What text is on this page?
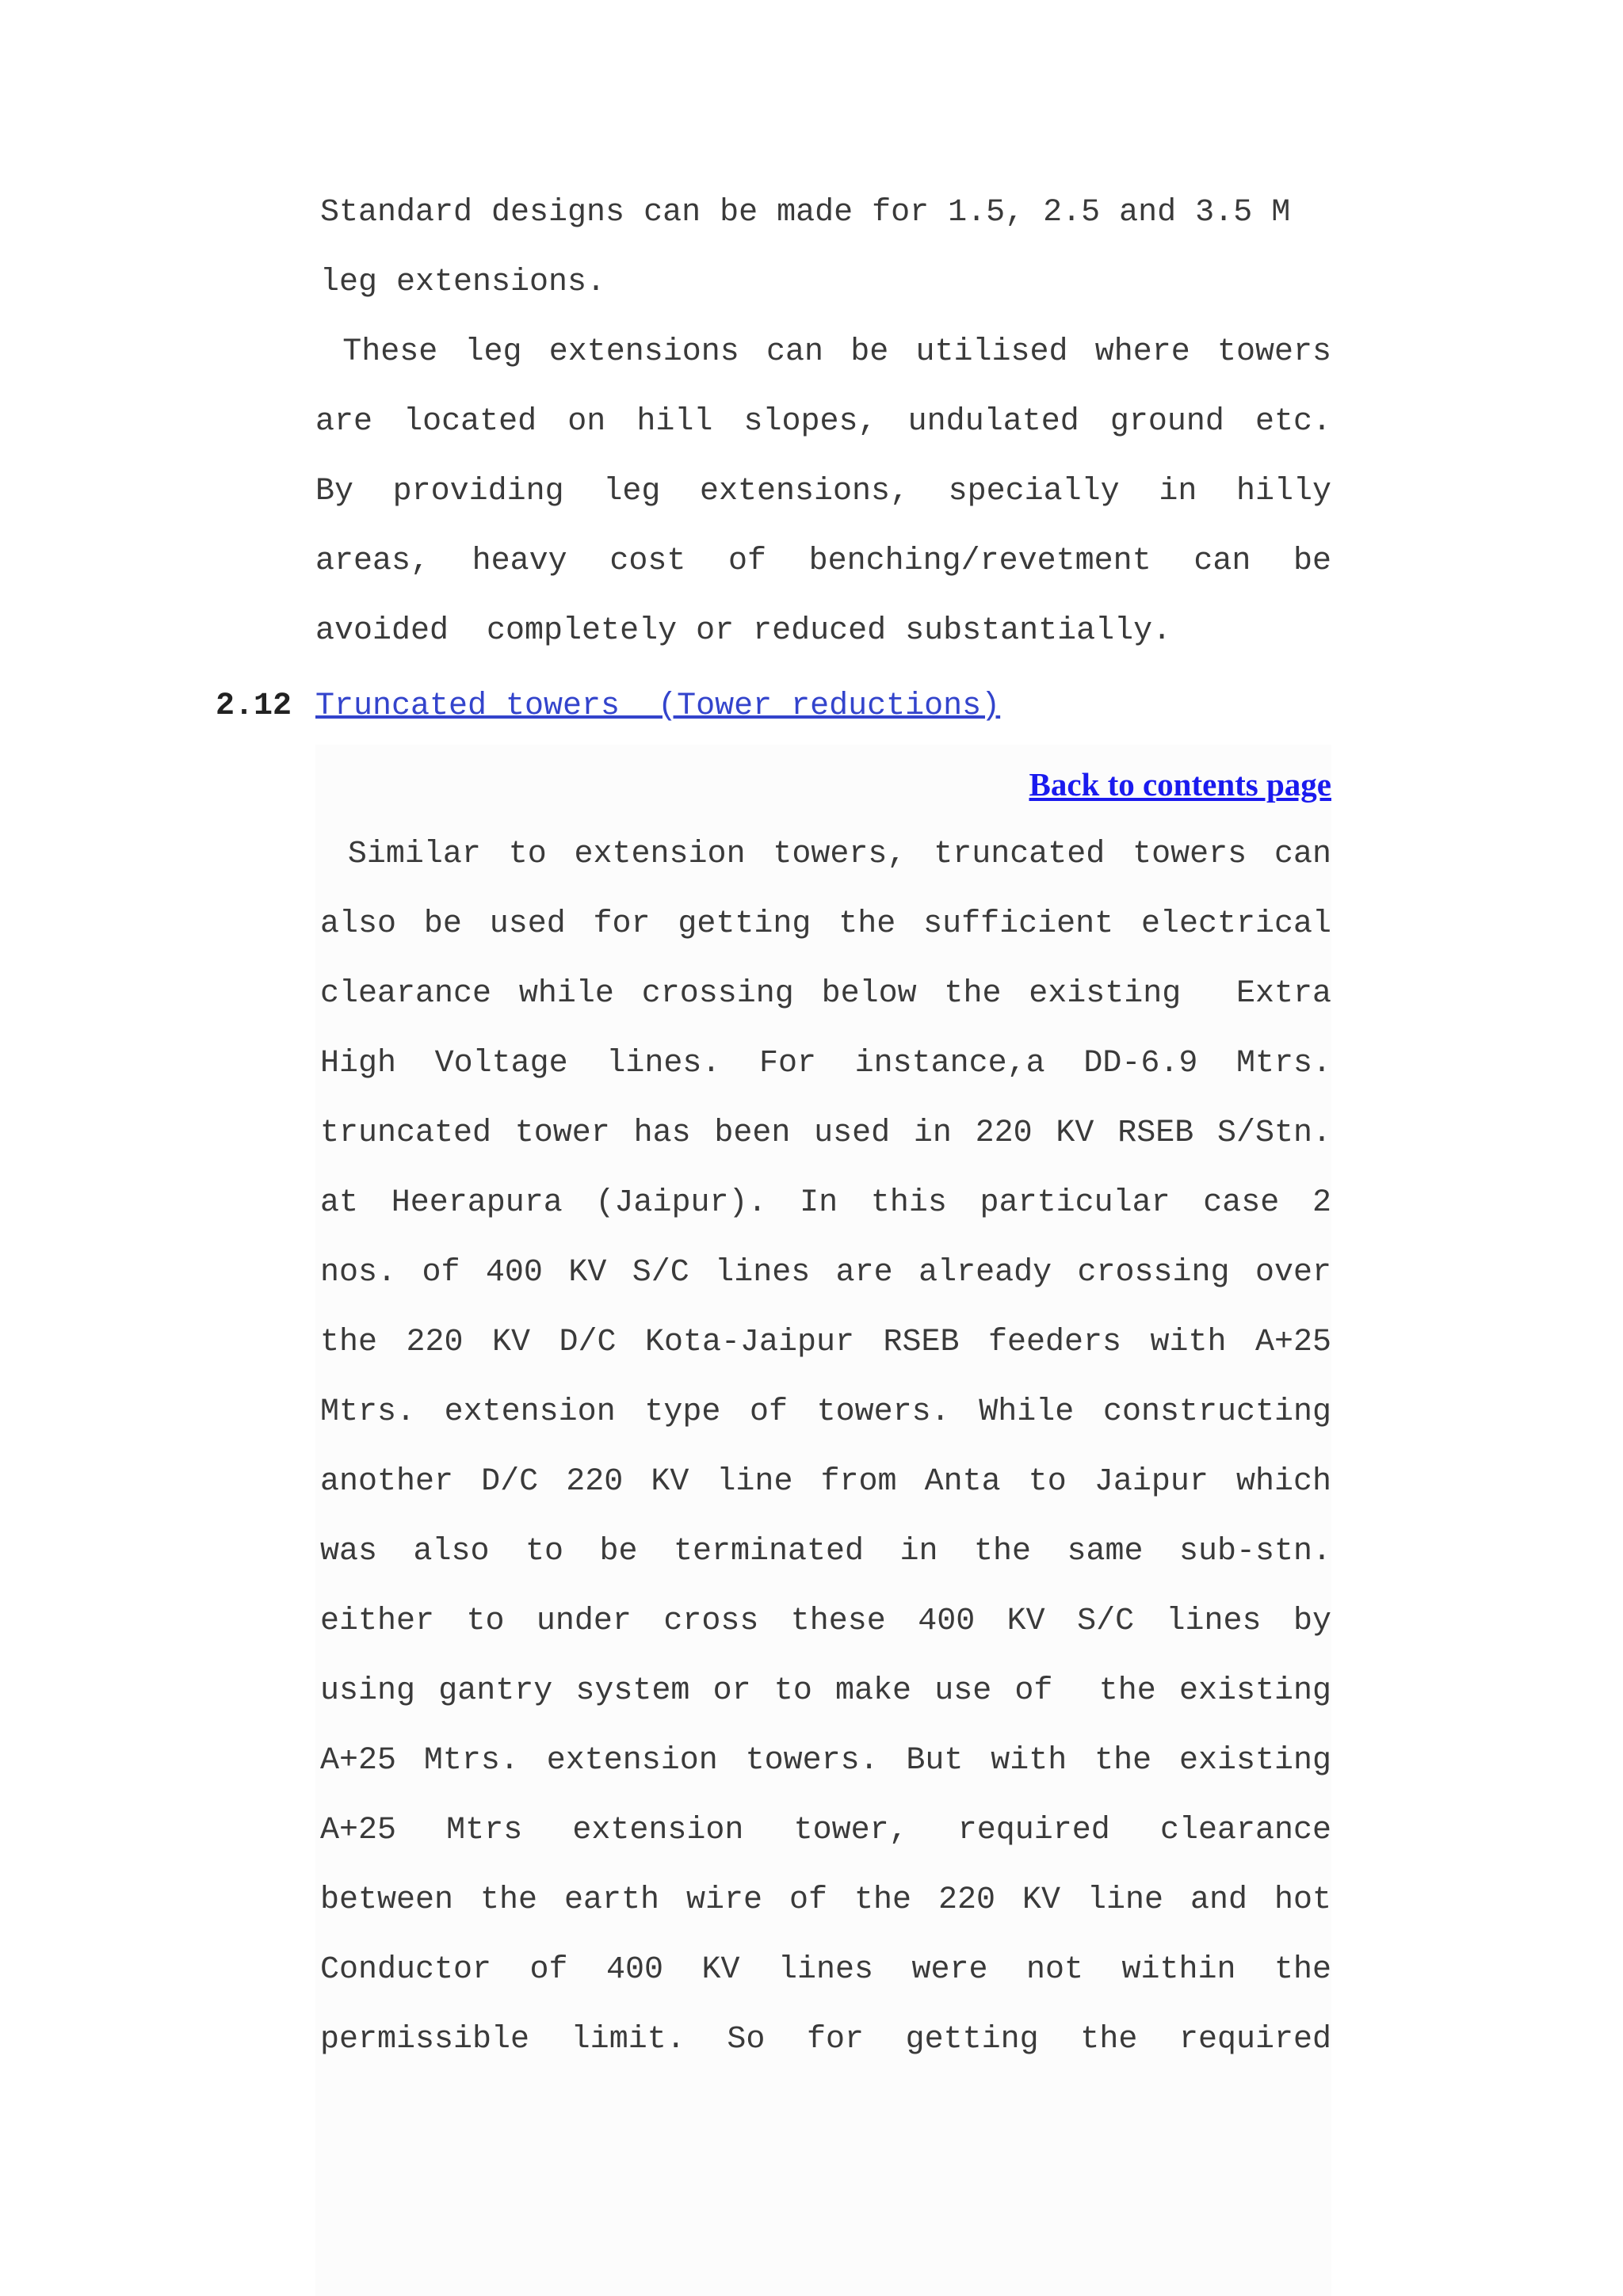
Standard designs can be made for 1.5, 2.5 and 3.5 M
leg extensions.
These leg extensions can be utilised where towers
are located on hill slopes, undulated ground etc.
By providing leg extensions, specially in hilly
areas, heavy cost of benching/revetment can be
avoided  completely or reduced substantially.
2.12 Truncated towers  (Tower reductions)
Back to contents page
Similar to extension towers, truncated towers can
also be used for getting the sufficient electrical
clearance while crossing below the existing  Extra
High Voltage lines. For instance,a DD-6.9 Mtrs.
truncated tower has been used in 220 KV RSEB S/Stn.
at Heerapura (Jaipur). In this particular case 2
nos. of 400 KV S/C lines are already crossing over
the 220 KV D/C Kota-Jaipur RSEB feeders with A+25
Mtrs. extension type of towers. While constructing
another D/C 220 KV line from Anta to Jaipur which
was also to be terminated in the same sub-stn.
either to under cross these 400 KV S/C lines by
using gantry system or to make use of  the existing
A+25 Mtrs. extension towers. But with the existing
A+25 Mtrs extension tower, required clearance
between the earth wire of the 220 KV line and hot
Conductor of 400 KV lines were not within the
permissible limit. So for getting the required
